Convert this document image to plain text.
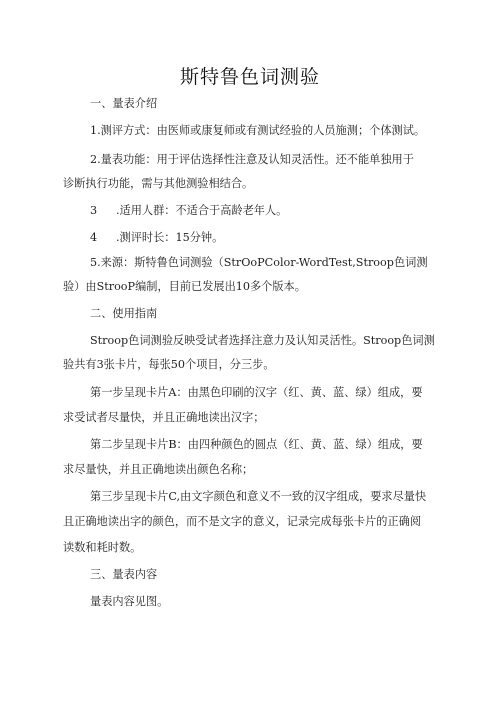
斯特鲁色词测验
一、量表介绍
1.测评方式：由医师或康复师或有测试经验的人员施测；个体测试。
2.量表功能：用于评估选择性注意及认知灵活性。还不能单独用于
诊断执行功能，需与其他测验相结合。
3 .适用人群：不适合于高龄老年人。
4 .测评时长：15分钟。
5.来源：斯特鲁色词测验（StrOoPColor-WordTest,Stroop色词测
验）由StrooP编制，目前已发展出10多个版本。
二、使用指南
Stroop色词测验反映受试者选择注意力及认知灵活性。Stroop色词测
验共有3张卡片，每张50个项目，分三步。
第一步呈现卡片A：由黑色印刷的汉字（红、黄、蓝、绿）组成，要
求受试者尽量快，并且正确地读出汉字；
第二步呈现卡片B：由四种颜色的圆点（红、黄、蓝、绿）组成，要
求尽量快，并且正确地读出颜色名称；
第三步呈现卡片C,由文字颜色和意义不一致的汉字组成，要求尽量快
且正确地读出字的颜色，而不是文字的意义，记录完成每张卡片的正确阅
读数和耗时数。
三、量表内容
量表内容见图。
